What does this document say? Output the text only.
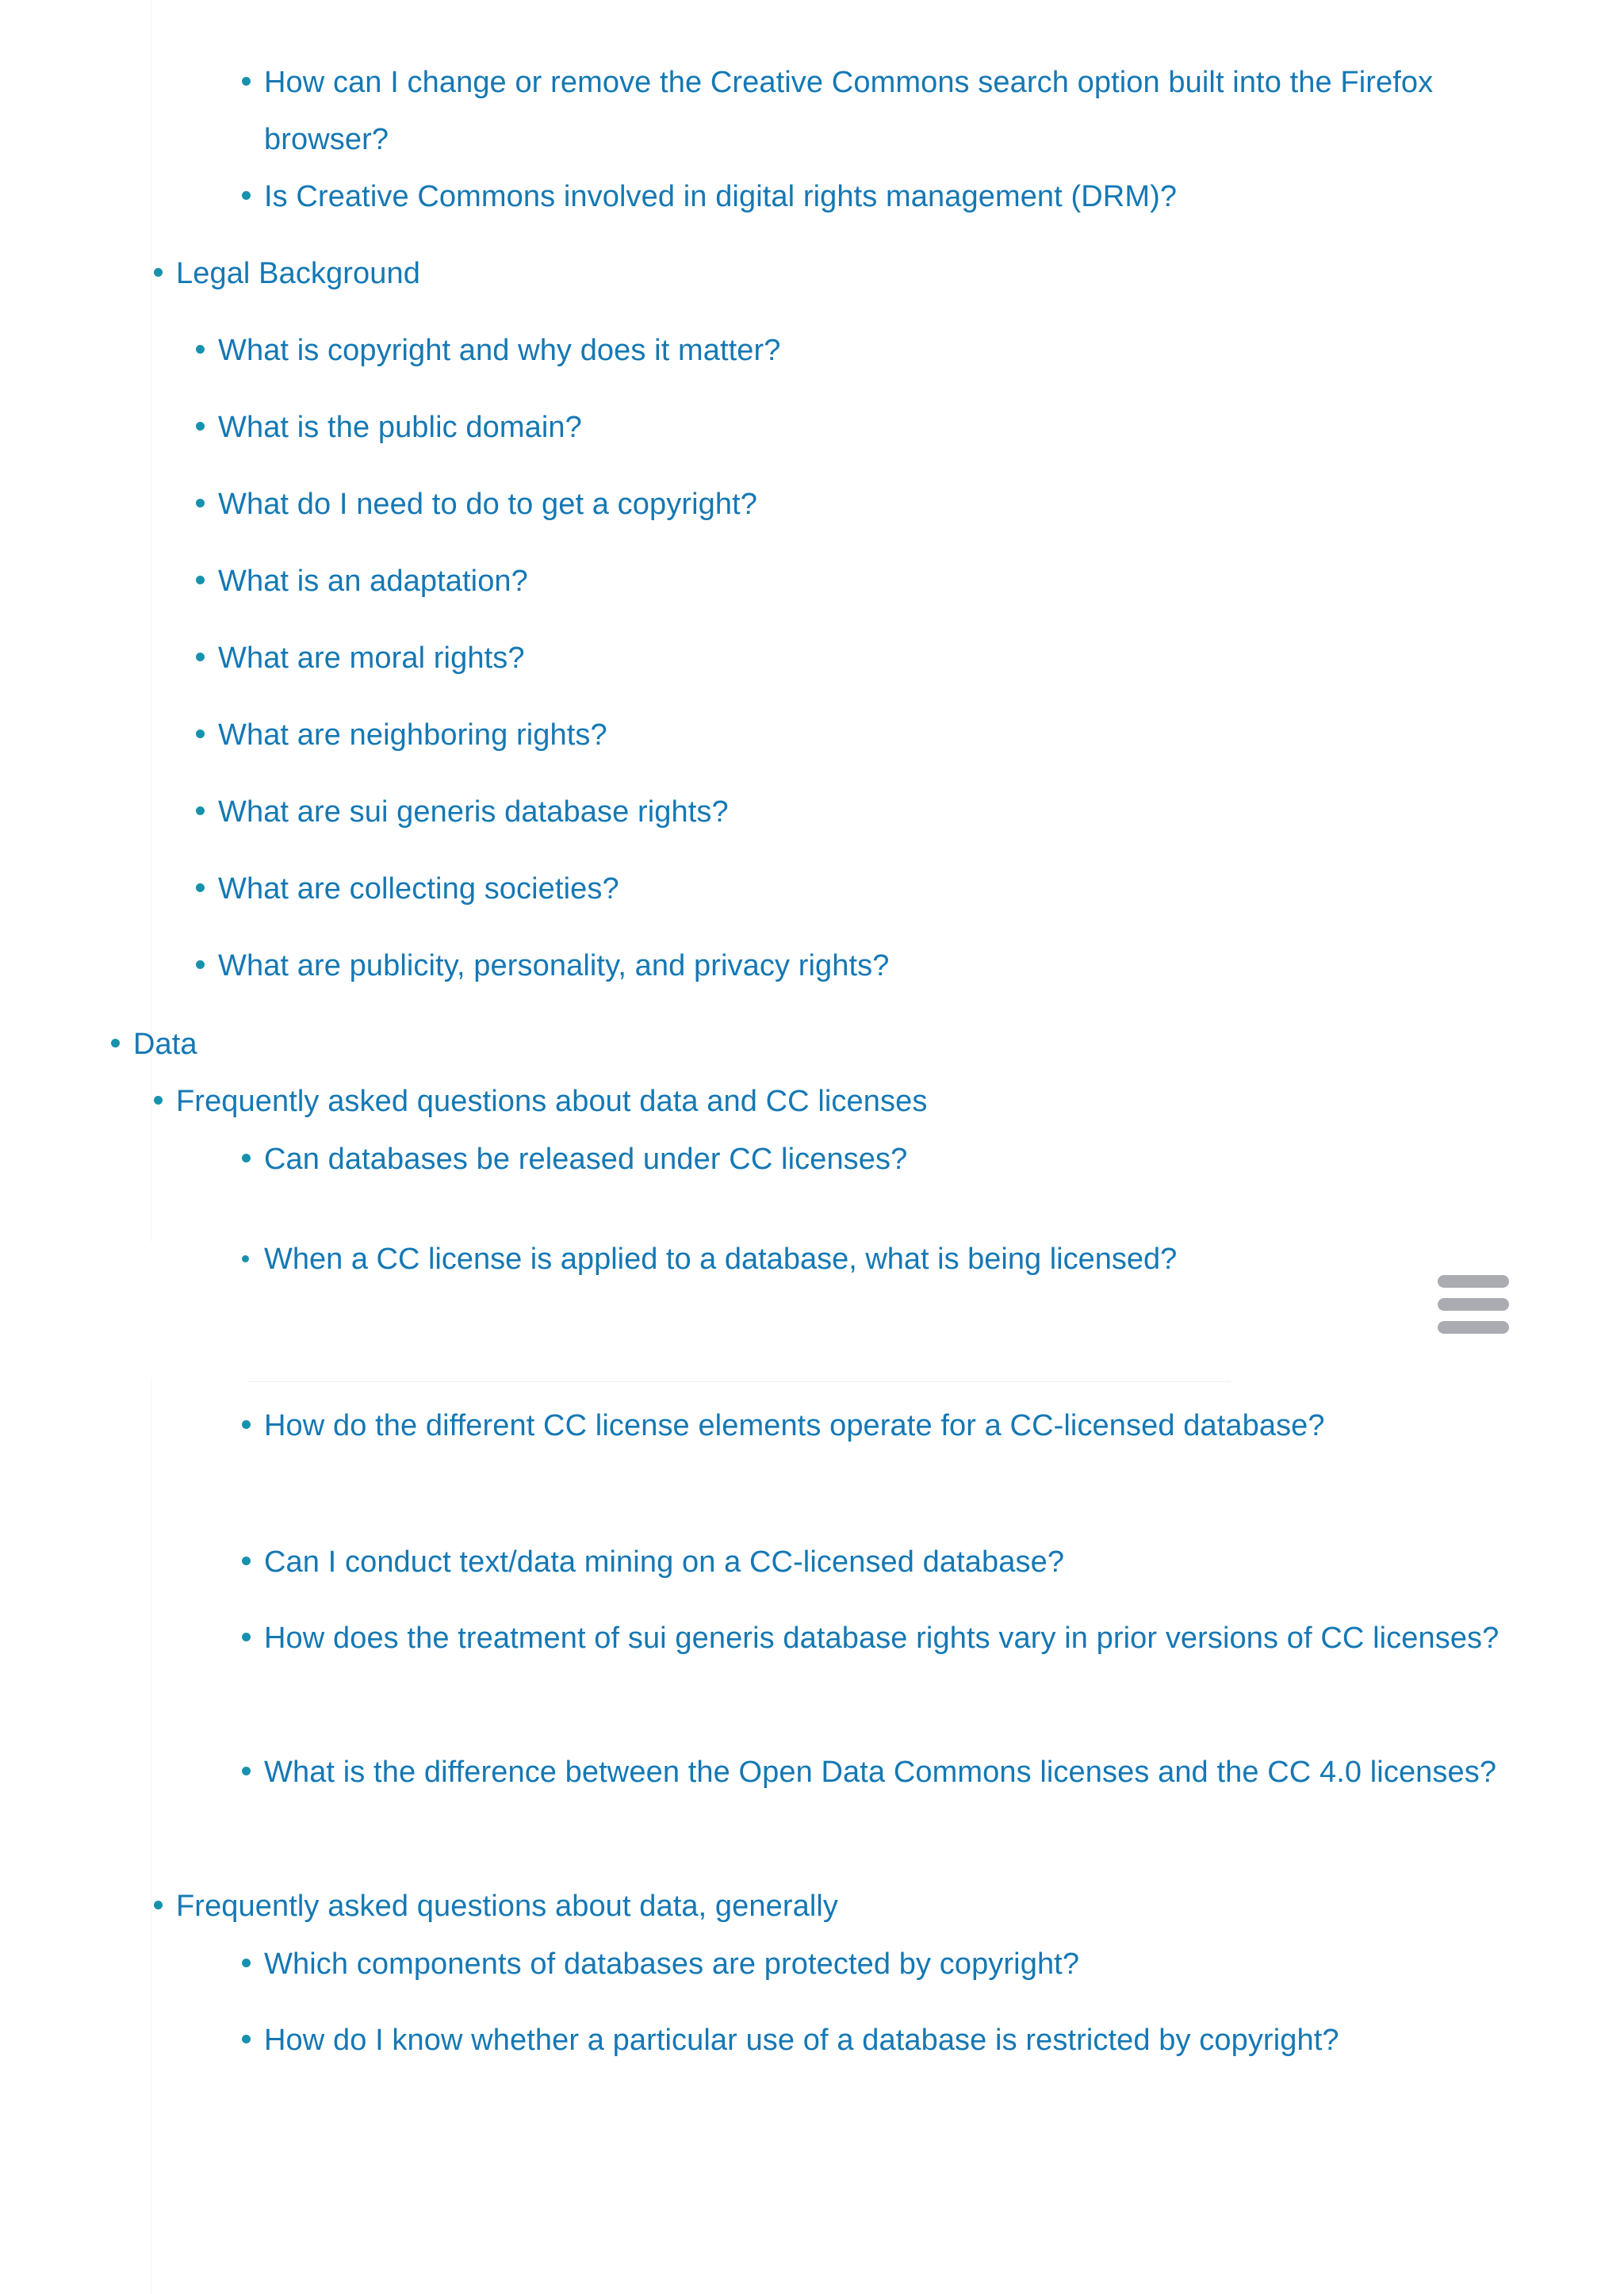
How can I change or remove the Creative Commons search option built into the Firefox browser?
Is Creative Commons involved in digital rights management (DRM)?
Legal Background
What is copyright and why does it matter?
What is the public domain?
What do I need to do to get a copyright?
What is an adaptation?
What are moral rights?
What are neighboring rights?
What are sui generis database rights?
What are collecting societies?
What are publicity, personality, and privacy rights?
Data
Frequently asked questions about data and CC licenses
Can databases be released under CC licenses?
When a CC license is applied to a database, what is being licensed?
How do the different CC license elements operate for a CC-licensed database?
Can I conduct text/data mining on a CC-licensed database?
How does the treatment of sui generis database rights vary in prior versions of CC licenses?
What is the difference between the Open Data Commons licenses and the CC 4.0 licenses?
Frequently asked questions about data, generally
Which components of databases are protected by copyright?
How do I know whether a particular use of a database is restricted by copyright?
